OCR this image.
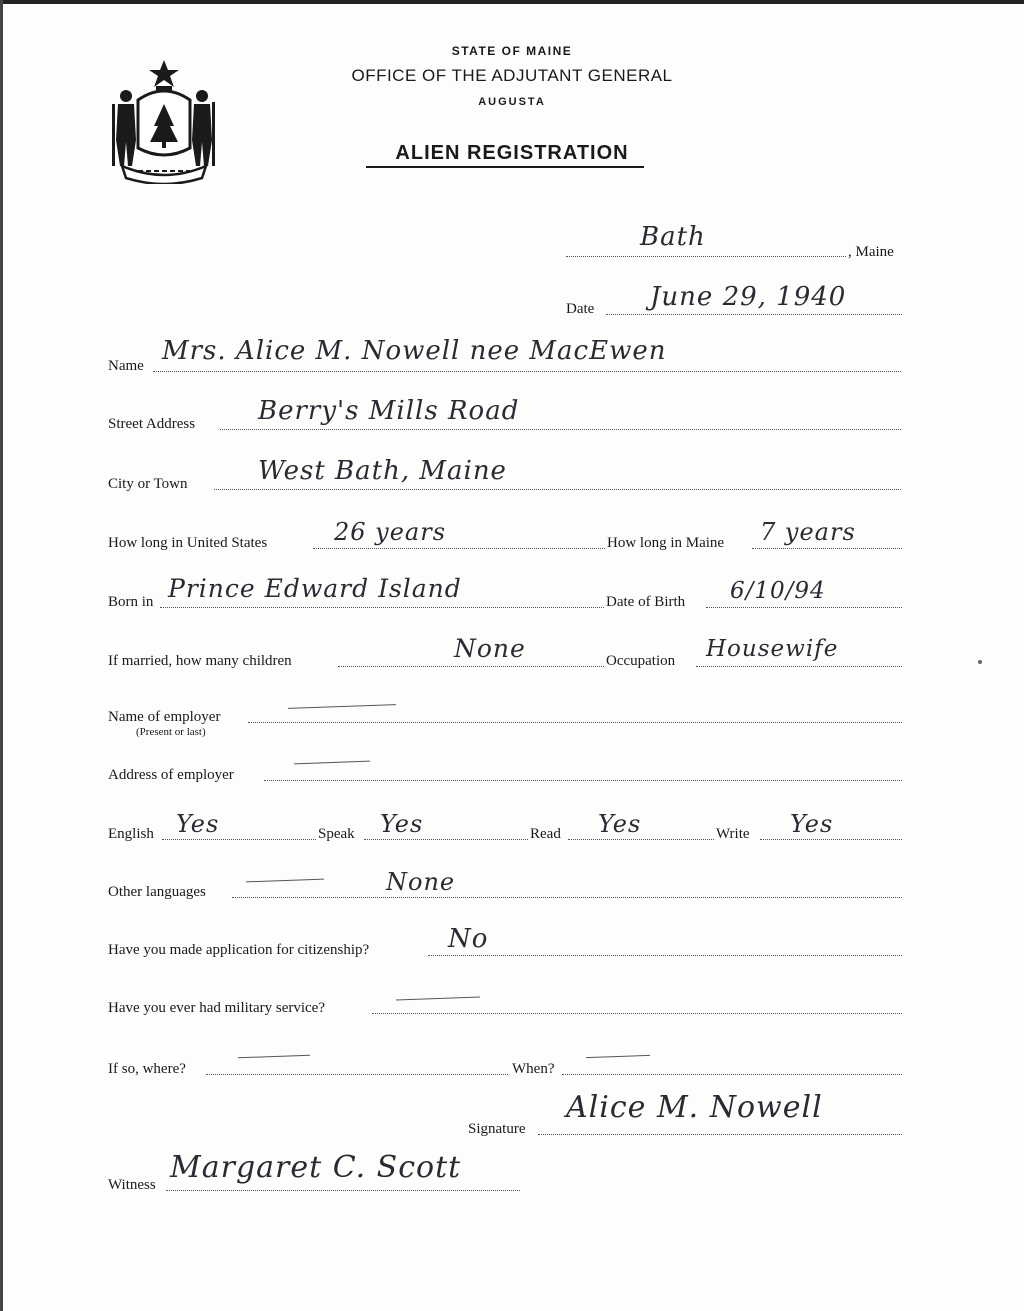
STATE OF MAINE
OFFICE OF THE ADJUTANT GENERAL
AUGUSTA
ALIEN REGISTRATION
Bath	, Maine
Date June 29, 1940
Name Mrs. Alice M. Nowell nee MacEwen
Street Address Berry's Mills Road
City or Town	West Bath, Maine
How long in United States	26 years	How long in Maine 7 years
Born in Prince Edward Island	Date of Birth 6/10/94
If married, how many children	None	Occupation Housewife
Name of employer
(Present or last)
Address of employer
English Yes	Speak Yes	Read Yes	Write Yes
Other languages	None
Have you made application for citizenship?	No
Have you ever had military service?
If so, where?	When?
Signature
Alice M. Nowell
Witness Margaret C. Scott
